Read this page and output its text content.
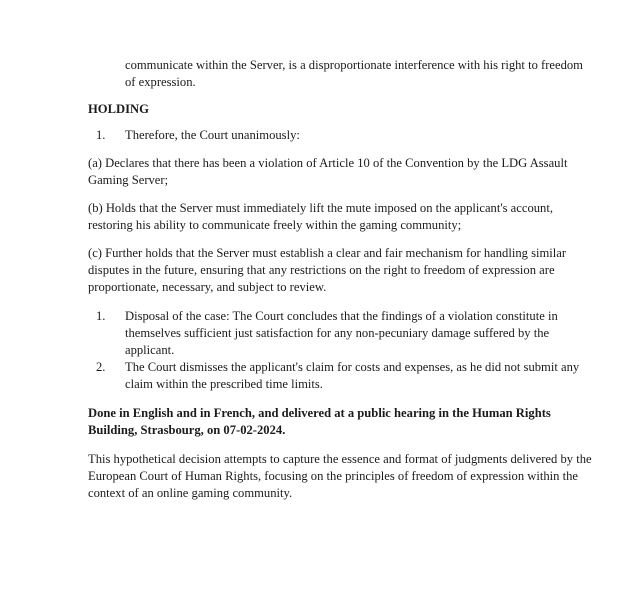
communicate within the Server, is a disproportionate interference with his right to freedom of expression.

HOLDING

1.	Therefore, the Court unanimously:

(a) Declares that there has been a violation of Article 10 of the Convention by the LDG Assault Gaming Server;

(b) Holds that the Server must immediately lift the mute imposed on the applicant's account, restoring his ability to communicate freely within the gaming community;

(c) Further holds that the Server must establish a clear and fair mechanism for handling similar disputes in the future, ensuring that any restrictions on the right to freedom of expression are proportionate, necessary, and subject to review.

1.	Disposal of the case: The Court concludes that the findings of a violation constitute in themselves sufficient just satisfaction for any non-pecuniary damage suffered by the applicant.
2.	The Court dismisses the applicant's claim for costs and expenses, as he did not submit any claim within the prescribed time limits.

Done in English and in French, and delivered at a public hearing in the Human Rights Building, Strasbourg, on 07-02-2024.

This hypothetical decision attempts to capture the essence and format of judgments delivered by the European Court of Human Rights, focusing on the principles of freedom of expression within the context of an online gaming community.
